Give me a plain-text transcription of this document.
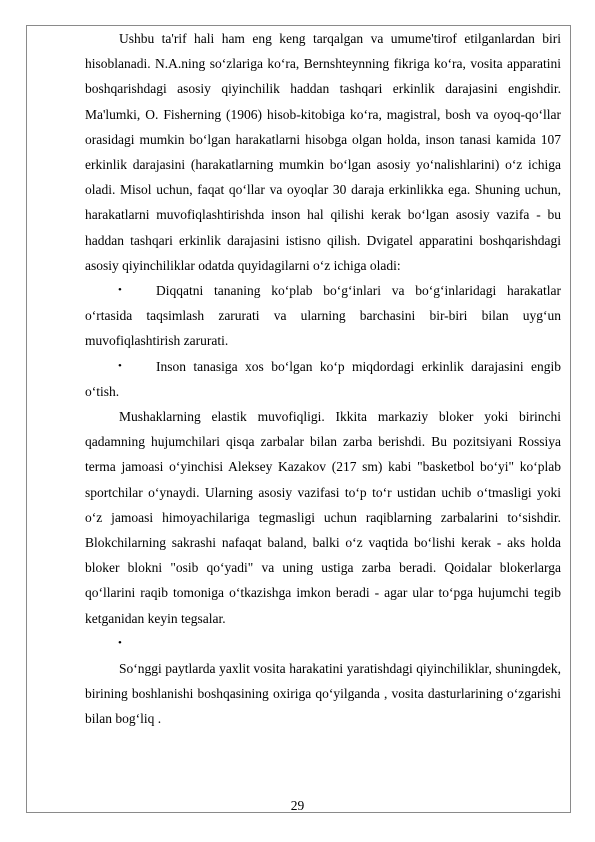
Ushbu ta'rif hali ham eng keng tarqalgan va umume'tirof etilganlardan biri hisoblanadi. N.A.ning so‘zlariga ko‘ra, Bernshteynning fikriga ko‘ra, vosita apparatini boshqarishdagi asosiy qiyinchilik haddan tashqari erkinlik darajasini engishdir. Ma'lumki, O. Fisherning (1906) hisob-kitobiga ko‘ra, magistral, bosh va oyoq-qo‘llar orasidagi mumkin bo‘lgan harakatlarni hisobga olgan holda, inson tanasi kamida 107 erkinlik darajasini (harakatlarning mumkin bo‘lgan asosiy yo‘nalishlarini) o‘z ichiga oladi. Misol uchun, faqat qo‘llar va oyoqlar 30 daraja erkinlikka ega. Shuning uchun, harakatlarni muvofiqlashtirishda inson hal qilishi kerak bo‘lgan asosiy vazifa - bu haddan tashqari erkinlik darajasini istisno qilish. Dvigatel apparatini boshqarishdagi asosiy qiyinchiliklar odatda quyidagilarni o‘z ichiga oladi:

•	Diqqatni tananing ko‘plab bo‘g‘inlari va bo‘g‘inlaridagi harakatlar o‘rtasida taqsimlash zarurati va ularning barchasini bir-biri bilan uyg‘un muvofiqlashtirish zarurati.

•	Inson tanasiga xos bo‘lgan ko‘p miqdordagi erkinlik darajasini engib o‘tish.

Mushaklarning elastik muvofiqligi. Ikkita markaziy bloker yoki birinchi qadamning hujumchilari qisqa zarbalar bilan zarba berishdi. Bu pozitsiyani Rossiya terma jamoasi o‘yinchisi Aleksey Kazakov (217 sm) kabi "basketbol bo‘yi" ko‘plab sportchilar o‘ynaydi. Ularning asosiy vazifasi to‘p to‘r ustidan uchib o‘tmasligi yoki o‘z jamoasi himoyachilariga tegmasligi uchun raqiblarning zarbalarini to‘sishdir. Blokchilarning sakrashi nafaqat baland, balki o‘z vaqtida bo‘lishi kerak - aks holda bloker blokni "osib qo‘yadi" va uning ustiga zarba beradi. Qoidalar blokerlarga qo‘llarini raqib tomoniga o‘tkazishga imkon beradi - agar ular to‘pga hujumchi tegib ketganidan keyin tegsalar.

•

So‘nggi paytlarda yaxlit vosita harakatini yaratishdagi qiyinchiliklar, shuningdek, birining boshlanishi boshqasining oxiriga qo‘yilganda , vosita dasturlarining o‘zgarishi bilan bog‘liq .

29
